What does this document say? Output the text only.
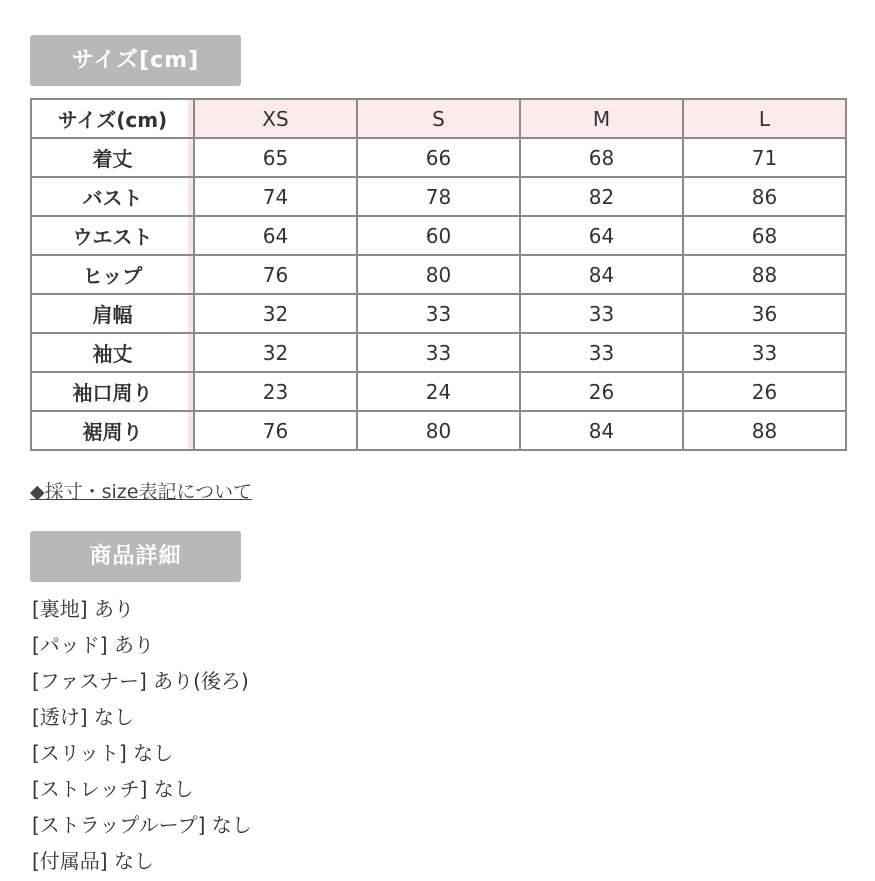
サイズ[cm]
サイズ(cm)	XS	S	M	L
着丈	65	66	68	71
バスト	74	78	82	86
ウエスト	64	60	64	68
ヒップ	76	80	84	88
肩幅	32	33	33	36
袖丈	32	33	33	33
袖口周り	23	24	26	26
裾周り	76	80	84	88
◆採寸・size表記について
商品詳細
[裏地] あり
[パッド] あり
[ファスナー] あり(後ろ)
[透け] なし
[スリット] なし
[ストレッチ] なし
[ストラップループ] なし
[付属品] なし
